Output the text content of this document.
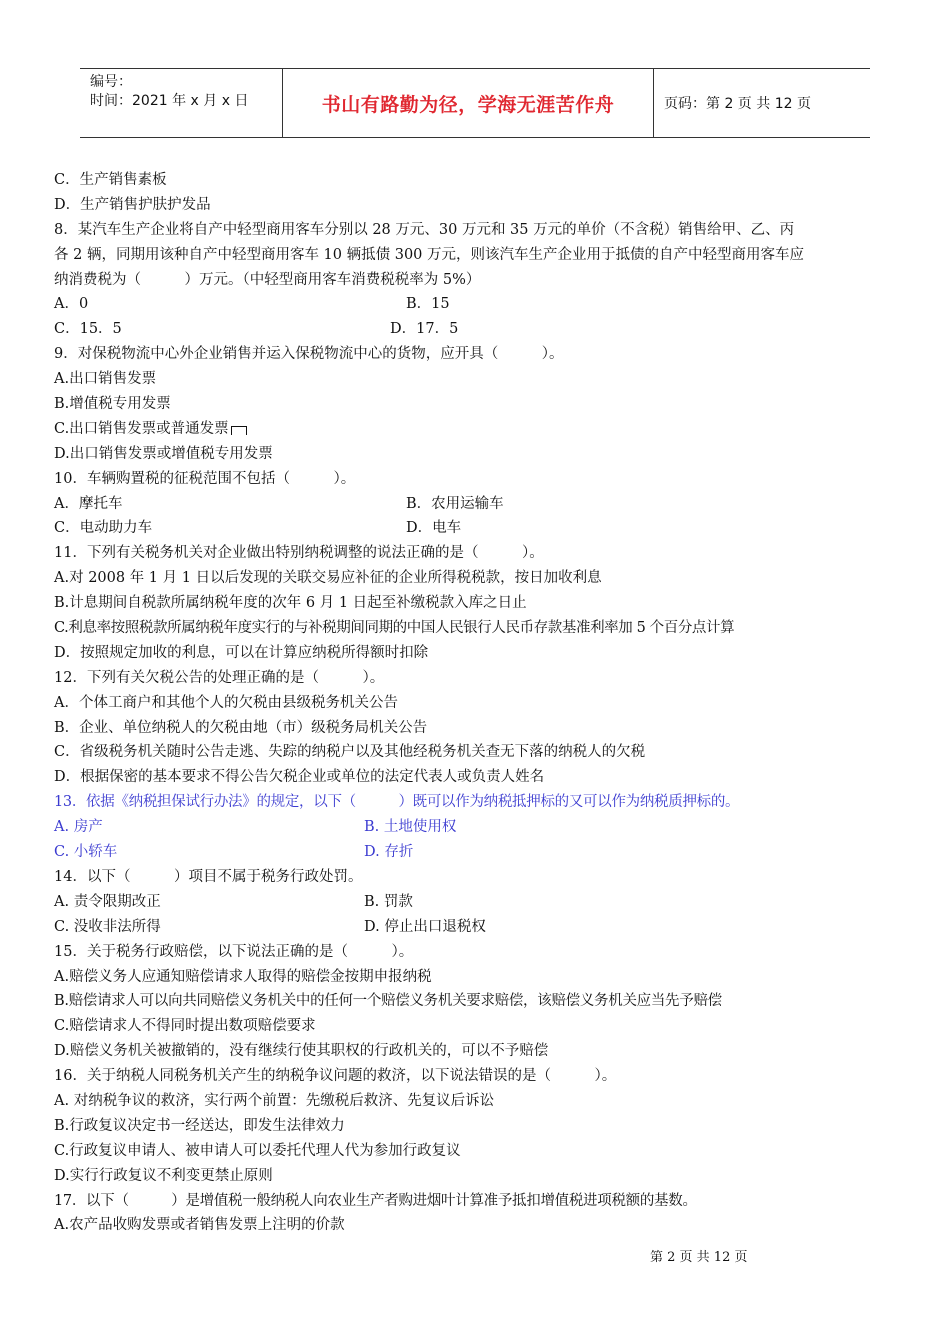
编号：
时间：2021 年 x 月 x 日	书山有路勤为径，学海无涯苦作舟	页码：第 2 页 共 12 页
C．生产销售素板
D．生产销售护肤护发品
8．某汽车生产企业将自产中轻型商用客车分别以 28 万元、30 万元和 35 万元的单价（不含税）销售给甲、乙、丙
各 2 辆，同期用该种自产中轻型商用客车 10 辆抵债 300 万元，则该汽车生产企业用于抵债的自产中轻型商用客车应
纳消费税为（　　　）万元。（中轻型商用客车消费税税率为 5%）
A．0	B．15
C．15．5	D．17．5
9．对保税物流中心外企业销售并运入保税物流中心的货物，应开具（　　　）。
A.出口销售发票
B.增值税专用发票
C.出口销售发票或普通发票
D.出口销售发票或增值税专用发票
10．车辆购置税的征税范围不包括（　　　）。
A．摩托车	B．农用运输车
C．电动助力车	D．电车
11．下列有关税务机关对企业做出特别纳税调整的说法正确的是（　　　）。
A.对 2008 年 1 月 1 日以后发现的关联交易应补征的企业所得税税款，按日加收利息
B.计息期间自税款所属纳税年度的次年 6 月 1 日起至补缴税款入库之日止
C.利息率按照税款所属纳税年度实行的与补税期间同期的中国人民银行人民币存款基准利率加 5 个百分点计算
D．按照规定加收的利息，可以在计算应纳税所得额时扣除
12．下列有关欠税公告的处理正确的是（　　　）。
A．个体工商户和其他个人的欠税由县级税务机关公告
B．企业、单位纳税人的欠税由地（市）级税务局机关公告
C．省级税务机关随时公告走逃、失踪的纳税户以及其他经税务机关查无下落的纳税人的欠税
D．根据保密的基本要求不得公告欠税企业或单位的法定代表人或负责人姓名
13．依据《纳税担保试行办法》的规定，以下（　　　）既可以作为纳税抵押标的又可以作为纳税质押标的。
A. 房产	B. 土地使用权
C. 小轿车	D. 存折
14．以下（　　　）项目不属于税务行政处罚。
A. 责令限期改正	B. 罚款
C. 没收非法所得	D. 停止出口退税权
15．关于税务行政赔偿，以下说法正确的是（　　　）。
A.赔偿义务人应通知赔偿请求人取得的赔偿金按期申报纳税
B.赔偿请求人可以向共同赔偿义务机关中的任何一个赔偿义务机关要求赔偿，该赔偿义务机关应当先予赔偿
C.赔偿请求人不得同时提出数项赔偿要求
D.赔偿义务机关被撤销的，没有继续行使其职权的行政机关的，可以不予赔偿
16．关于纳税人同税务机关产生的纳税争议问题的救济，以下说法错误的是（　　　）。
A. 对纳税争议的救济，实行两个前置：先缴税后救济、先复议后诉讼
B.行政复议决定书一经送达，即发生法律效力
C.行政复议申请人、被申请人可以委托代理人代为参加行政复议
D.实行行政复议不利变更禁止原则
17．以下（　　　）是增值税一般纳税人向农业生产者购进烟叶计算准予抵扣增值税进项税额的基数。
A.农产品收购发票或者销售发票上注明的价款
第 2 页 共 12 页
